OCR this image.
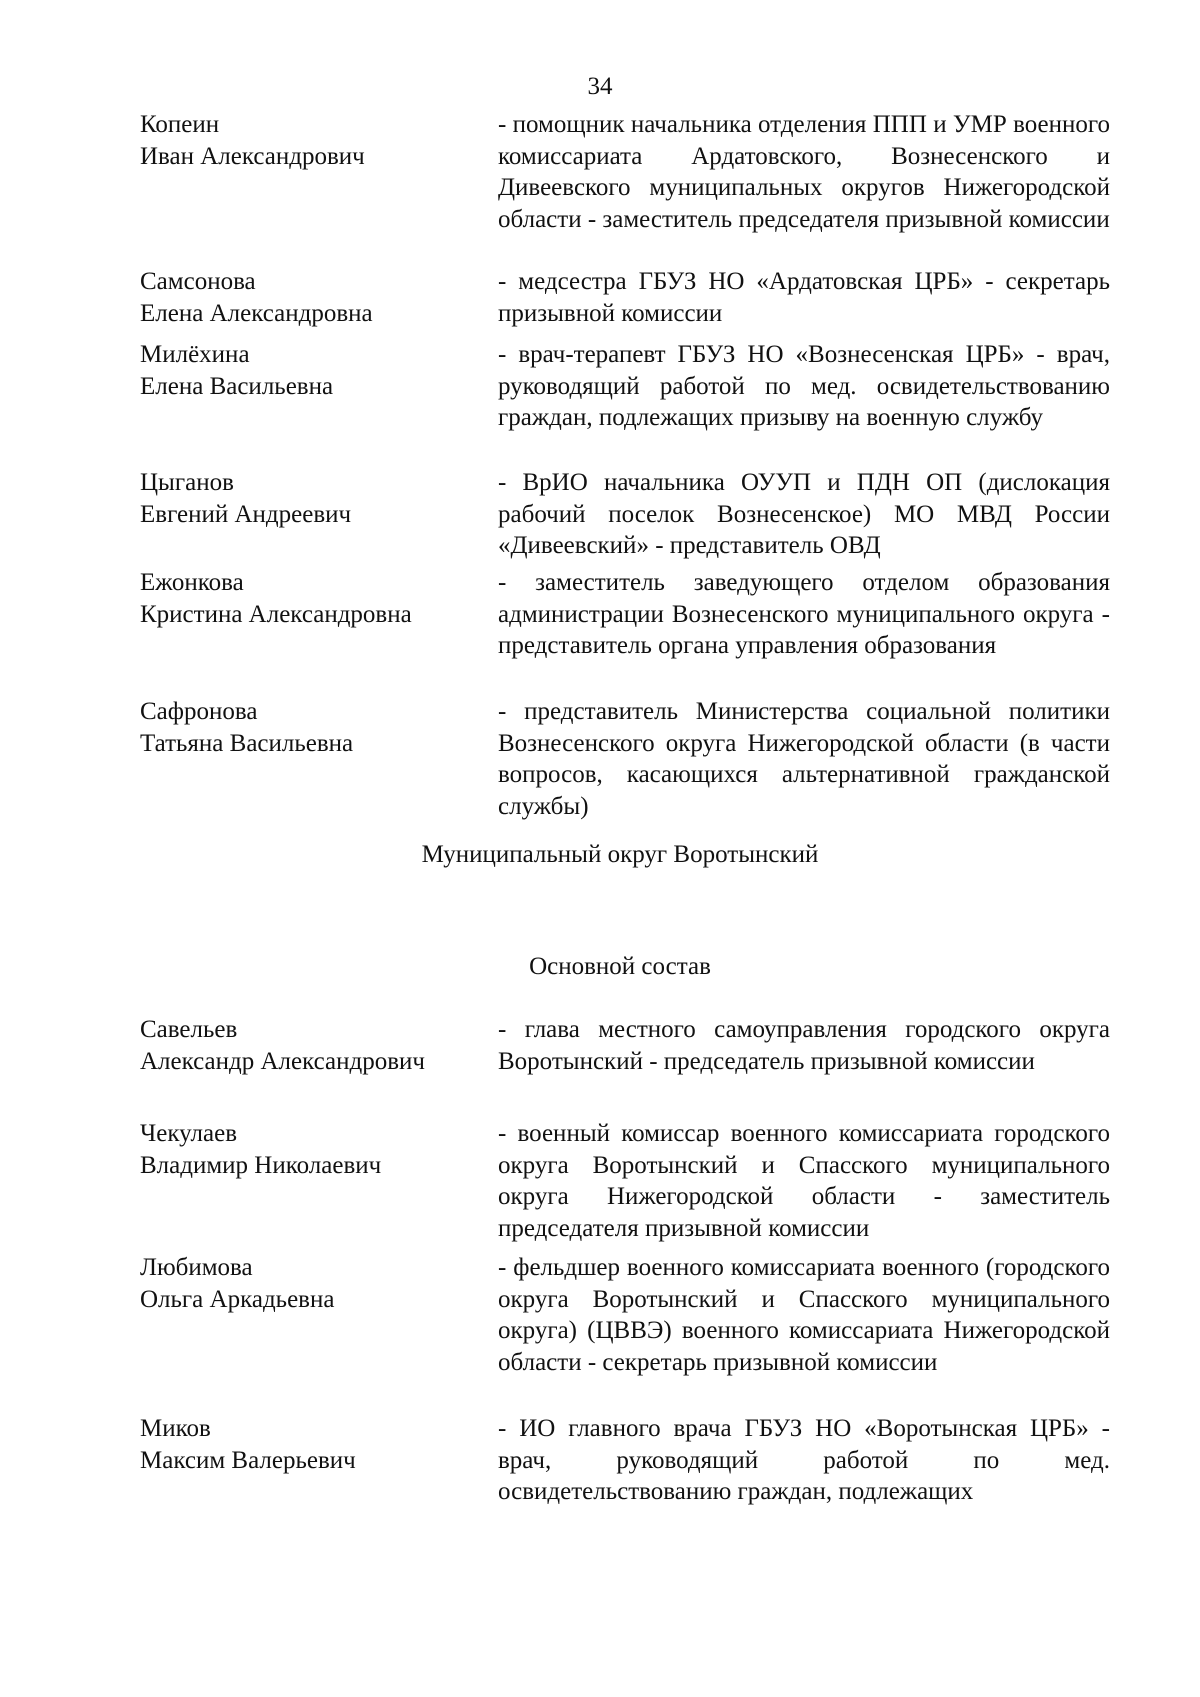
34
Копеин
Иван Александрович
- помощник начальника отделения ППП и УМР военного комиссариата Ардатовского, Вознесенского и Дивеевского муниципальных округов Нижегородской области - заместитель председателя призывной комиссии
Самсонова
Елена Александровна
- медсестра ГБУЗ НО «Ардатовская ЦРБ» - секретарь призывной комиссии
Милёхина
Елена Васильевна
- врач-терапевт ГБУЗ НО «Вознесенская ЦРБ» - врач, руководящий работой по мед. освидетельствованию граждан, подлежащих призыву на военную службу
Цыганов
Евгений Андреевич
- ВрИО начальника ОУУП и ПДН ОП (дислокация рабочий поселок Вознесенское) МО МВД России «Дивеевский» - представитель ОВД
Ежонкова
Кристина Александровна
- заместитель заведующего отделом образования администрации Вознесенского муниципального округа - представитель органа управления образования
Сафронова
Татьяна Васильевна
- представитель Министерства социальной политики Вознесенского округа Нижегородской области (в части вопросов, касающихся альтернативной гражданской службы)
Муниципальный округ Воротынский
Основной состав
Савельев
Александр Александрович
- глава местного самоуправления городского округа Воротынский - председатель призывной комиссии
Чекулаев
Владимир Николаевич
- военный комиссар военного комиссариата городского округа Воротынский и Спасского муниципального округа Нижегородской области - заместитель председателя призывной комиссии
Любимова
Ольга Аркадьевна
- фельдшер военного комиссариата военного (городского округа Воротынский и Спасского муниципального округа) (ЦВВЭ) военного комиссариата Нижегородской области - секретарь призывной комиссии
Миков
Максим Валерьевич
- ИО главного врача ГБУЗ НО «Воротынская ЦРБ» - врач, руководящий работой по мед. освидетельствованию граждан, подлежащих
